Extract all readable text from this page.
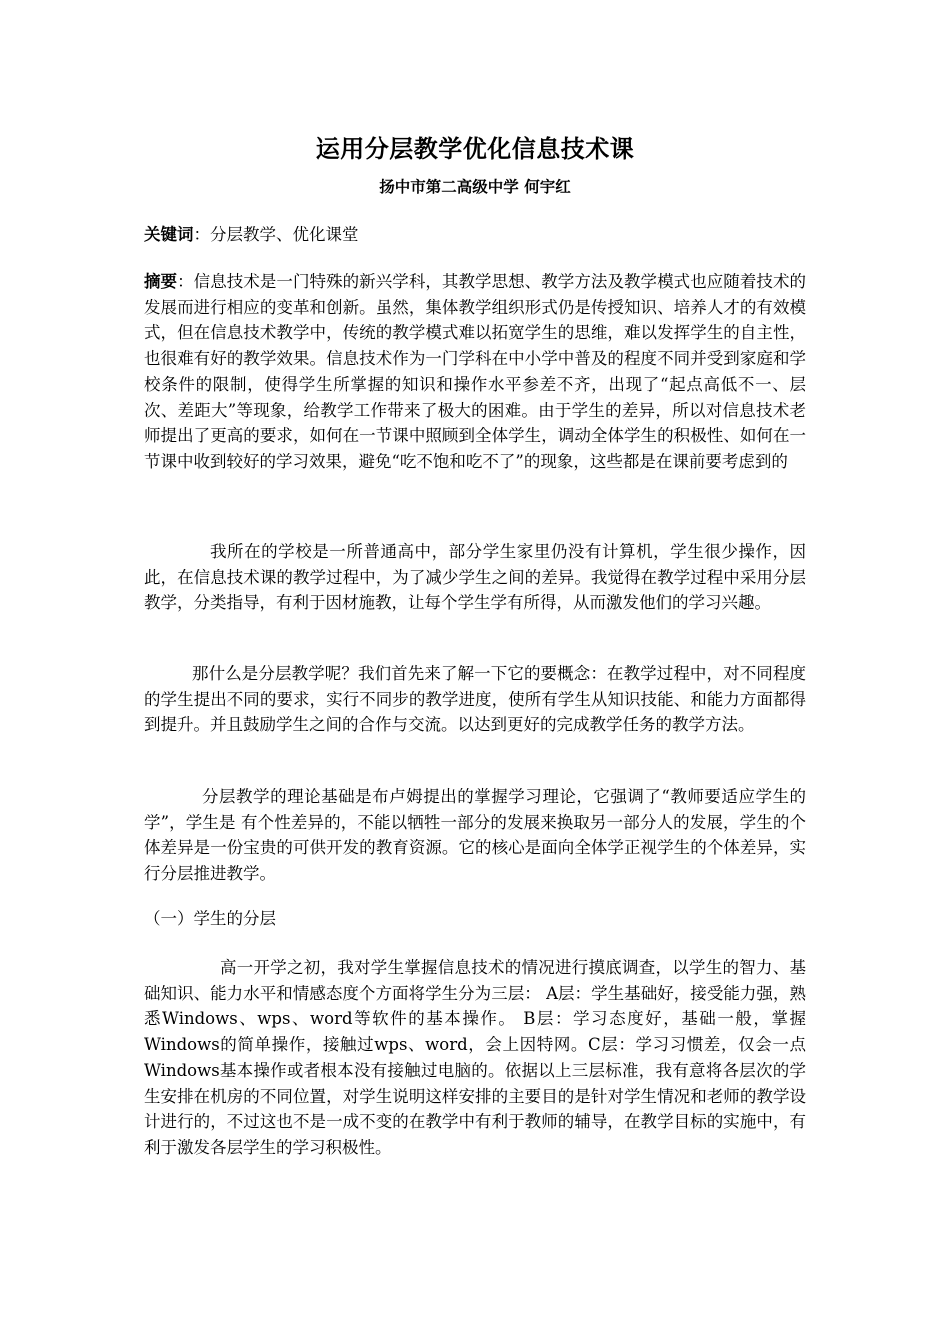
运用分层教学优化信息技术课
扬中市第二高级中学 何宇红

关键词：分层教学、优化课堂

摘要：信息技术是一门特殊的新兴学科，其教学思想、教学方法及教学模式也应随着技术的发展而进行相应的变革和创新。虽然，集体教学组织形式仍是传授知识、培养人才的有效模式，但在信息技术教学中，传统的教学模式难以拓宽学生的思维，难以发挥学生的自主性，也很难有好的教学效果。信息技术作为一门学科在中小学中普及的程度不同并受到家庭和学校条件的限制，使得学生所掌握的知识和操作水平参差不齐，出现了“起点高低不一、层次、差距大”等现象，给教学工作带来了极大的困难。由于学生的差异，所以对信息技术老师提出了更高的要求，如何在一节课中照顾到全体学生，调动全体学生的积极性、如何在一节课中收到较好的学习效果，避免“吃不饱和吃不了”的现象，这些都是在课前要考虑到的

我所在的学校是一所普通高中，部分学生家里仍没有计算机，学生很少操作，因此，在信息技术课的教学过程中，为了减少学生之间的差异。我觉得在教学过程中采用分层教学，分类指导，有利于因材施教，让每个学生学有所得，从而激发他们的学习兴趣。

那什么是分层教学呢？我们首先来了解一下它的要概念：在教学过程中，对不同程度的学生提出不同的要求，实行不同步的教学进度，使所有学生从知识技能、和能力方面都得到提升。并且鼓励学生之间的合作与交流。以达到更好的完成教学任务的教学方法。

分层教学的理论基础是布卢姆提出的掌握学习理论，它强调了“教师要适应学生的学”，学生是 有个性差异的，不能以牺牲一部分的发展来换取另一部分人的发展，学生的个体差异是一份宝贵的可供开发的教育资源。它的核心是面向全体学正视学生的个体差异，实行分层推进教学。

（一）学生的分层

高一开学之初，我对学生掌握信息技术的情况进行摸底调查，以学生的智力、基础知识、能力水平和情感态度个方面将学生分为三层： A层：学生基础好，接受能力强，熟悉Windows、wps、word等软件的基本操作。 B层：学习态度好，基础一般，掌握Windows的简单操作，接触过wps、word，会上因特网。C层：学习习惯差，仅会一点Windows基本操作或者根本没有接触过电脑的。依据以上三层标准，我有意将各层次的学生安排在机房的不同位置，对学生说明这样安排的主要目的是针对学生情况和老师的教学设计进行的，不过这也不是一成不变的在教学中有利于教师的辅导，在教学目标的实施中，有利于激发各层学生的学习积极性。
